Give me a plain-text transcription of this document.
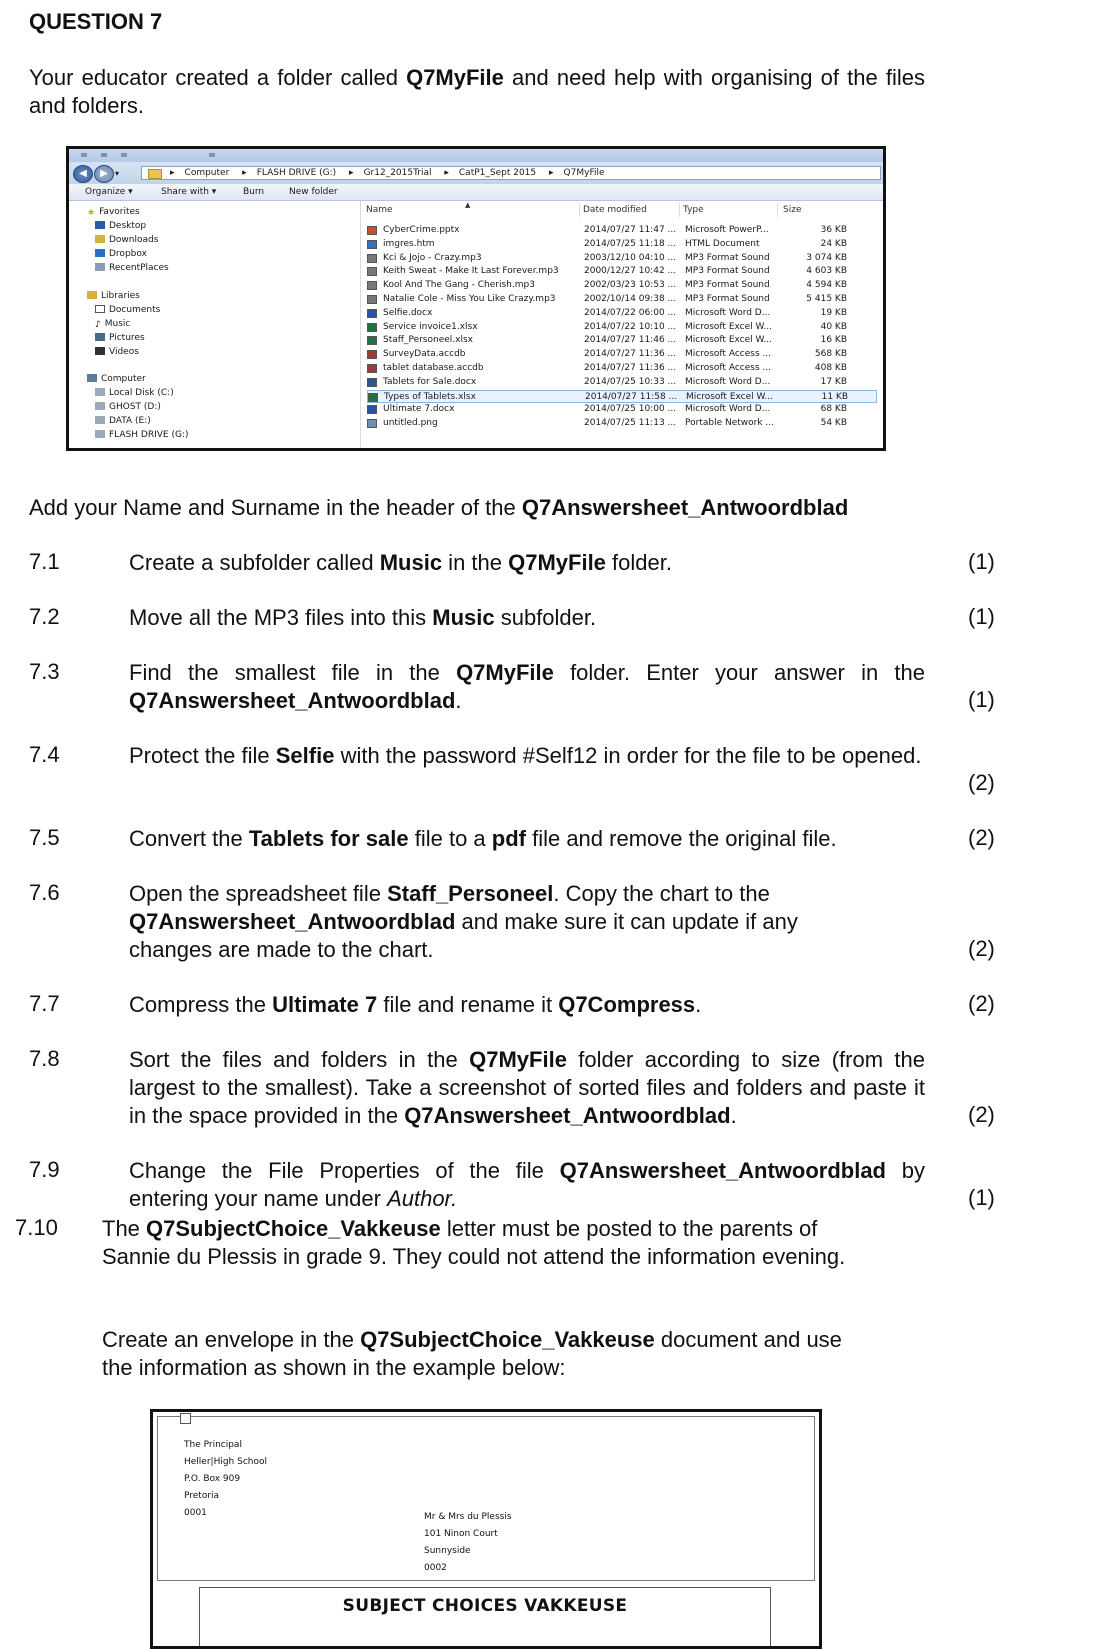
QUESTION 7
Your educator created a folder called Q7MyFile and need help with organising of the files and folders.
◀	▶ ▾	▸ Computer ▸ FLASH DRIVE (G:) ▸ Gr12_2015Trial ▸ CatP1_Sept 2015 ▸ Q7MyFile
Organize ▾	Share with ▾	Burn	New folder
★ Favorites
Desktop
Downloads
Dropbox
RecentPlaces
Libraries
Documents
♪ Music
Pictures
Videos
Computer
Local Disk (C:)
GHOST (D:)
DATA (E:)
FLASH DRIVE (G:)
Name	▲	Date modified	Type	Size
CyberCrime.pptx	2014/07/27 11:47 ... Microsoft PowerP...	36 KB
imgres.htm	2014/07/25 11:18 ... HTML Document	24 KB
Kci & Jojo - Crazy.mp3	2003/12/10 04:10 ... MP3 Format Sound	3 074 KB
Keith Sweat - Make It Last Forever.mp3	2000/12/27 10:42 ... MP3 Format Sound	4 603 KB
Kool And The Gang - Cherish.mp3	2002/03/23 10:53 ... MP3 Format Sound	4 594 KB
Natalie Cole - Miss You Like Crazy.mp3	2002/10/14 09:38 ... MP3 Format Sound	5 415 KB
Selfie.docx	2014/07/22 06:00 ... Microsoft Word D...	19 KB
Service invoice1.xlsx	2014/07/22 10:10 ... Microsoft Excel W...	40 KB
Staff_Personeel.xlsx	2014/07/27 11:46 ... Microsoft Excel W...	16 KB
SurveyData.accdb	2014/07/27 11:36 ... Microsoft Access ...	568 KB
tablet database.accdb	2014/07/27 11:36 ... Microsoft Access ...	408 KB
Tablets for Sale.docx	2014/07/25 10:33 ... Microsoft Word D...	17 KB
Types of Tablets.xlsx	2014/07/27 11:58 ... Microsoft Excel W...	11 KB
Ultimate 7.docx	2014/07/25 10:00 ... Microsoft Word D...	68 KB
untitled.png	2014/07/25 11:13 ... Portable Network ...	54 KB
Add your Name and Surname in the header of the Q7Answersheet_Antwoordblad
7.1	Create a subfolder called Music in the Q7MyFile folder.	(1)
7.2	Move all the MP3 files into this Music subfolder.	(1)
7.3	Find the smallest file in the Q7MyFile folder. Enter your answer in the Q7Answersheet_Antwoordblad.	(1)
7.4	Protect the file Selfie with the password #Self12 in order for the file to be opened.
(2)
7.5	Convert the Tablets for sale file to a pdf file and remove the original file.	(2)
7.6	Open the spreadsheet file Staff_Personeel. Copy the chart to the Q7Answersheet_Antwoordblad and make sure it can update if any changes are made to the chart.	(2)
7.7	Compress the Ultimate 7 file and rename it Q7Compress.	(2)
7.8	Sort the files and folders in the Q7MyFile folder according to size (from the largest to the smallest). Take a screenshot of sorted files and folders and paste it in the space provided in the Q7Answersheet_Antwoordblad.	(2)
7.9	Change the File Properties of the file Q7Answersheet_Antwoordblad by entering your name under Author.	(1)
7.10 The Q7SubjectChoice_Vakkeuse letter must be posted to the parents of Sannie du Plessis in grade 9. They could not attend the information evening.
Create an envelope in the Q7SubjectChoice_Vakkeuse document and use the information as shown in the example below:
The Principal
Heller|High School
P.O. Box 909
Pretoria
0001	Mr & Mrs du Plessis
101 Ninon Court
Sunnyside
0002
SUBJECT CHOICES VAKKEUSE
